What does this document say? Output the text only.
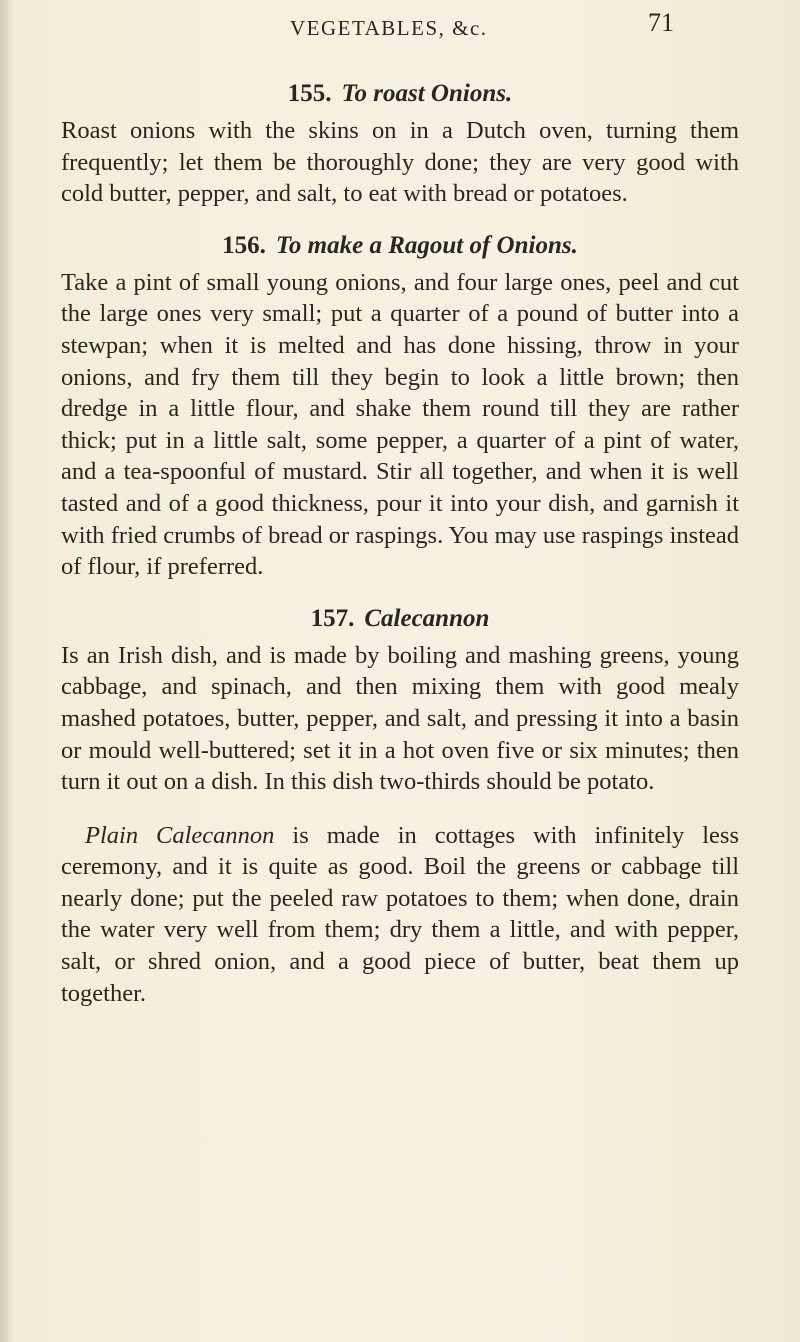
VEGETABLES, &c.	71
155. To roast Onions.

Roast onions with the skins on in a Dutch oven, turning them frequently; let them be thoroughly done; they are very good with cold butter, pepper, and salt, to eat with bread or potatoes.

156. To make a Ragout of Onions.

Take a pint of small young onions, and four large ones, peel and cut the large ones very small; put a quarter of a pound of butter into a stewpan; when it is melted and has done hissing, throw in your onions, and fry them till they begin to look a little brown; then dredge in a little flour, and shake them round till they are rather thick; put in a little salt, some pepper, a quarter of a pint of water, and a tea-spoonful of mustard. Stir all together, and when it is well tasted and of a good thickness, pour it into your dish, and garnish it with fried crumbs of bread or raspings. You may use raspings instead of flour, if preferred.

157. Calecannon

Is an Irish dish, and is made by boiling and mashing greens, young cabbage, and spinach, and then mixing them with good mealy mashed potatoes, butter, pepper, and salt, and pressing it into a basin or mould well-buttered; set it in a hot oven five or six minutes; then turn it out on a dish. In this dish two-thirds should be potato.

Plain Calecannon is made in cottages with infinitely less ceremony, and it is quite as good. Boil the greens or cabbage till nearly done; put the peeled raw potatoes to them; when done, drain the water very well from them; dry them a little, and with pepper, salt, or shred onion, and a good piece of butter, beat them up together.
